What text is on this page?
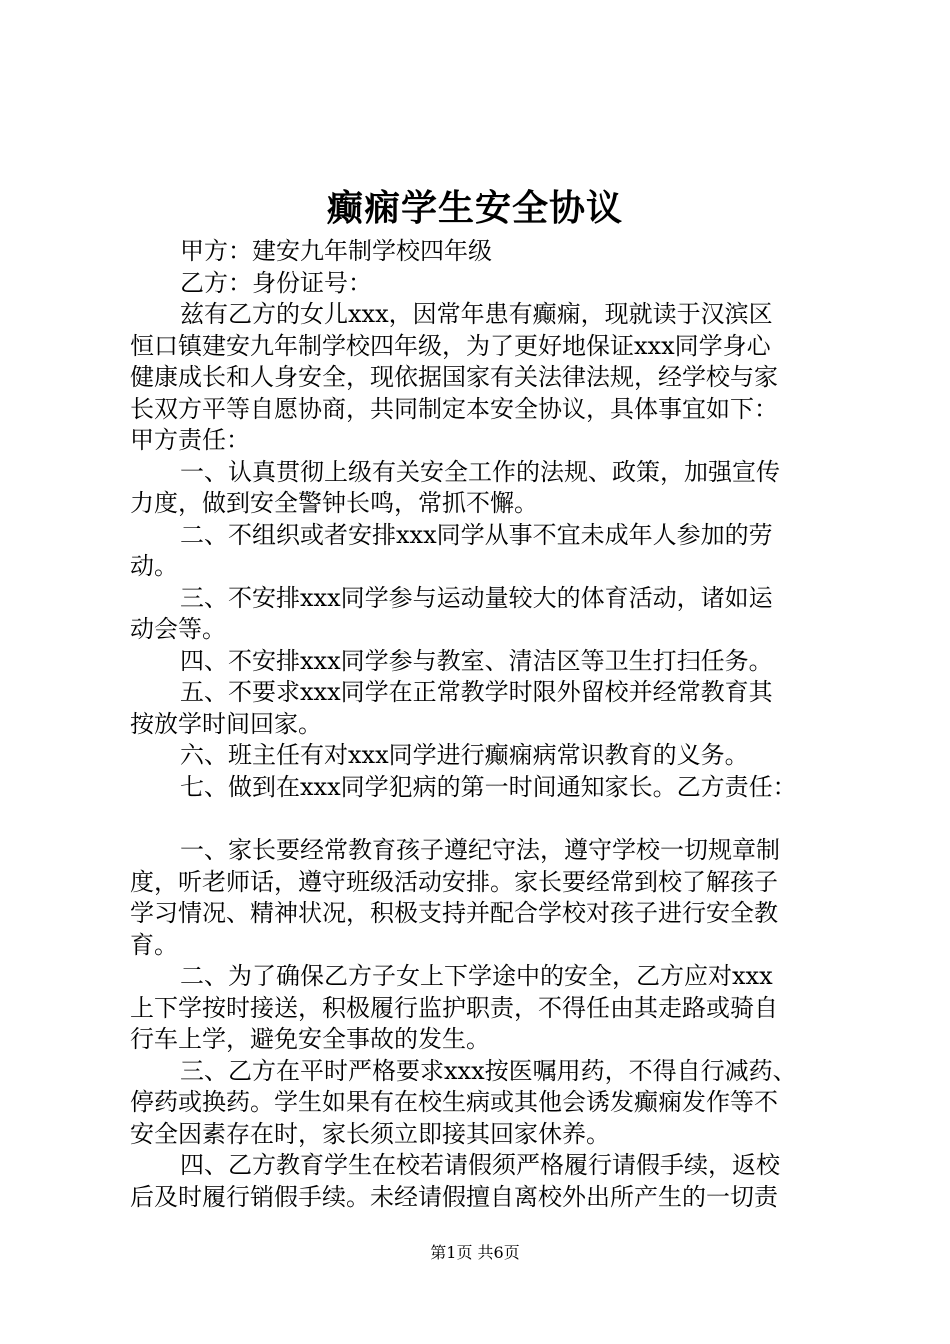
癫痫学生安全协议
甲方：建安九年制学校四年级
乙方：身份证号：
兹有乙方的女儿xxx，因常年患有癫痫，现就读于汉滨区
恒口镇建安九年制学校四年级，为了更好地保证xxx同学身心
健康成长和人身安全，现依据国家有关法律法规，经学校与家
长双方平等自愿协商，共同制定本安全协议，具体事宜如下：
甲方责任：
一、认真贯彻上级有关安全工作的法规、政策，加强宣传
力度，做到安全警钟长鸣，常抓不懈。
二、不组织或者安排xxx同学从事不宜未成年人参加的劳
动。
三、不安排xxx同学参与运动量较大的体育活动，诸如运
动会等。
四、不安排xxx同学参与教室、清洁区等卫生打扫任务。
五、不要求xxx同学在正常教学时限外留校并经常教育其
按放学时间回家。
六、班主任有对xxx同学进行癫痫病常识教育的义务。
七、做到在xxx同学犯病的第一时间通知家长。乙方责任：
一、家长要经常教育孩子遵纪守法，遵守学校一切规章制
度，听老师话，遵守班级活动安排。家长要经常到校了解孩子
学习情况、精神状况，积极支持并配合学校对孩子进行安全教
育。
二、为了确保乙方子女上下学途中的安全，乙方应对xxx
上下学按时接送，积极履行监护职责，不得任由其走路或骑自
行车上学，避免安全事故的发生。
三、乙方在平时严格要求xxx按医嘱用药，不得自行减药、
停药或换药。学生如果有在校生病或其他会诱发癫痫发作等不
安全因素存在时，家长须立即接其回家休养。
四、乙方教育学生在校若请假须严格履行请假手续，返校
后及时履行销假手续。未经请假擅自离校外出所产生的一切责
第1页 共6页
